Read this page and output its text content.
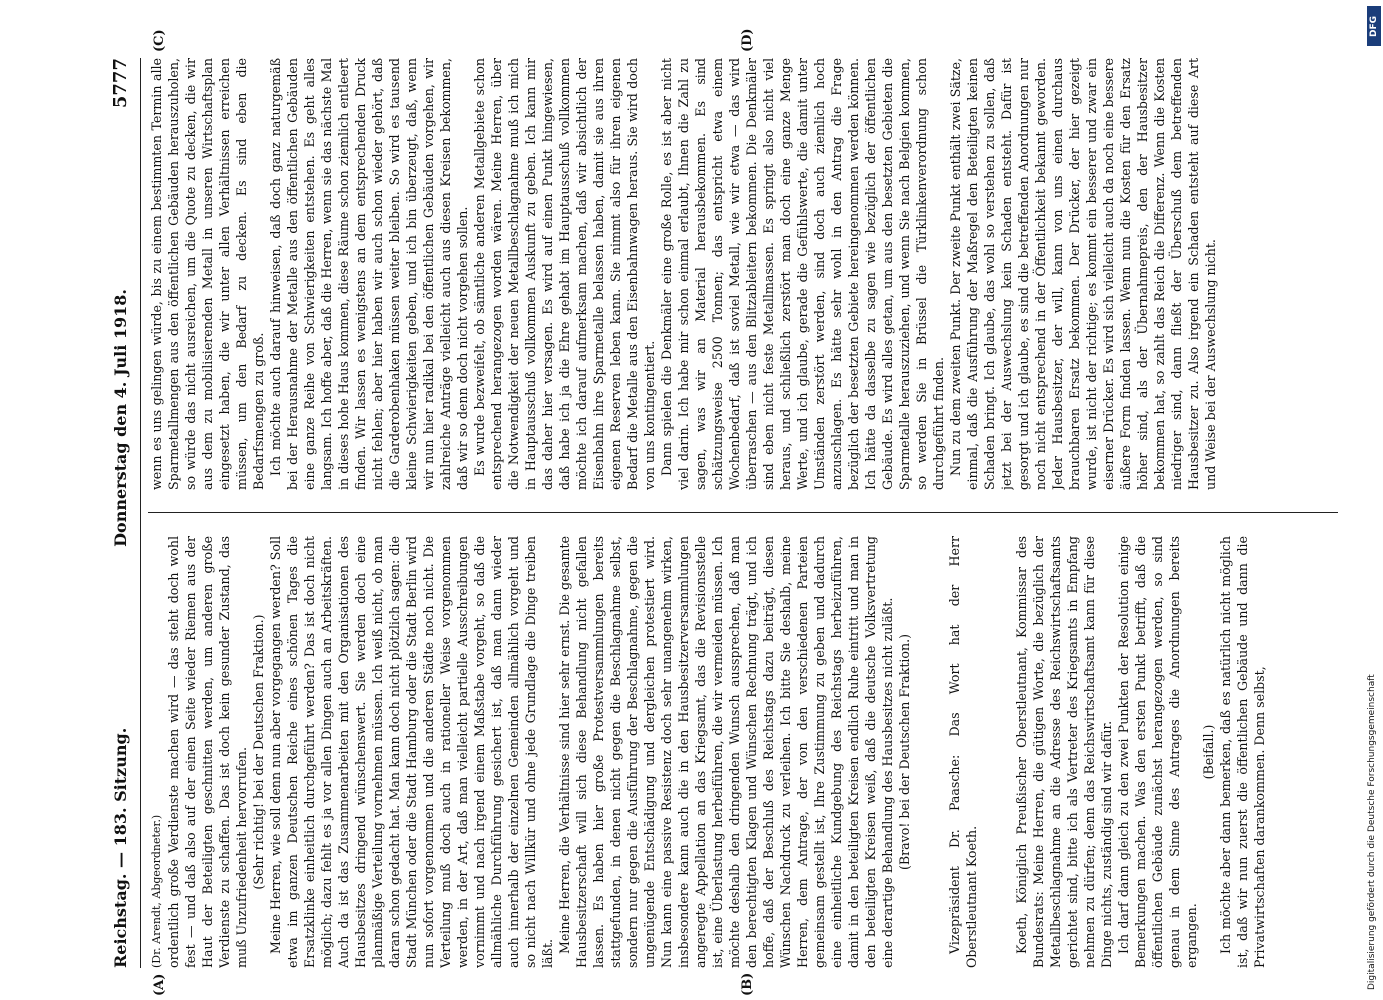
Reichstag. — 183. Sitzung.
Donnerstag den 4. Juli 1918.
5777

(Dr. Arendt, Abgeordneter.) ordentlich große Verdienste machen wird — das steht doch wohl fest — und daß also auf der einen Seite wieder Riemen aus der Haut der Beteiligten geschnitten werden, um anderen große Verdienste zu schaffen. Das ist doch kein gesunder Zustand, das muß Unzufriedenheit hervorrufen. (Sehr richtig! bei der Deutschen Fraktion.) Meine Herren, wie soll denn nun aber vorgegangen werden? Soll etwa im ganzen Deutschen Reiche eines schönen Tages die Ersatzklinke einheitlich durchgeführt werden? Das ist doch nicht möglich; dazu fehlt es ja vor allen Dingen auch an Arbeitskräften. Auch da ist das Zusammenarbeiten mit den Organisationen des Hausbesitzes dringend wünschenswert. Sie werden doch eine planmäßige Verteilung vornehmen müssen. Ich weiß nicht, ob man daran schon gedacht hat. Man kann doch nicht plötzlich sagen: die Stadt München oder die Stadt Hamburg oder die Stadt Berlin wird nun sofort vorgenommen und die anderen Städte noch nicht. Die Verteilung muß doch auch in rationeller Weise vorgenommen werden, in der Art, daß man vielleicht partielle Ausschreibungen vornimmt und nach irgend einem Maßstabe vorgeht, so daß die allmähliche Durchführung gesichert ist, daß man dann wieder auch innerhalb der einzelnen Gemeinden allmählich vorgeht und so nicht nach Willkür und ohne jede Grundlage die Dinge treiben läßt. Meine Herren, die Verhältnisse sind hier sehr ernst. Die gesamte Hausbesitzerschaft will sich diese Behandlung nicht gefallen lassen. Es haben hier große Protestversammlungen bereits stattgefunden, in denen nicht gegen die Beschlagnahme selbst, sondern nur gegen die Ausführung der Beschlagnahme, gegen die ungenügende Entschädigung und dergleichen protestiert wird. Nun kann eine passive Resistenz doch sehr unangenehm wirken, insbesondere kann auch die in den Hausbesitzerversammlungen angeregte Appellation an das Kriegsamt, das die Revisionsstelle ist, eine Überlastung herbeiführen, die wir vermeiden müssen. Ich möchte deshalb den dringenden Wunsch aussprechen, daß man den berechtigten Klagen und Wünschen Rechnung trägt, und ich hoffe, daß der Beschluß des Reichstags dazu beiträgt, diesen Wünschen Nachdruck zu verleihen. Ich bitte Sie deshalb, meine Herren, dem Antrage, der von den verschiedenen Parteien gemeinsam gestellt ist, Ihre Zustimmung zu geben und dadurch eine einheitliche Kundgebung des Reichstags herbeizuführen, damit in den beteiligten Kreisen endlich Ruhe eintritt und man in den beteiligten Kreisen weiß, daß die deutsche Volksvertretung eine derartige Behandlung des Hausbesitzes nicht zuläßt. (Bravo! bei der Deutschen Fraktion.)	Vizepräsident Dr. Paasche: Das Wort hat der Herr Oberstleutnant Koeth.	Koeth, Königlich Preußischer Oberstleutnant, Kommissar des Bundesrats: Meine Herren, die gütigen Worte, die bezüglich der Metallbeschlagnahme an die Adresse des Reichswirtschaftsamts gerichtet sind, bitte ich als Vertreter des Kriegsamts in Empfang nehmen zu dürfen; denn das Reichswirtschaftsamt kann für diese Dinge nichts, zuständig sind wir dafür. Ich darf dann gleich zu den zwei Punkten der Resolution einige Bemerkungen machen. Was den ersten Punkt betrifft, daß die öffentlichen Gebäude zunächst herangezogen werden, so sind genau in dem Sinne des Antrages die Anordnungen bereits ergangen.

(Beifall.) Ich möchte aber dann bemerken, daß es natürlich nicht möglich ist, daß wir nun zuerst die öffentlichen Gebäude und dann die Privatwirtschaften darankommen. Denn selbst,

wenn es uns gelingen würde, bis zu einem bestimmten Termin alle Sparmetallmengen aus den öffentlichen Gebäuden herauszuholen, so würde das nicht ausreichen, um die Quote zu decken, die wir aus dem zu mobilisierenden Metall in unseren Wirtschaftsplan eingesetzt haben, die wir unter allen Verhältnissen erreichen müssen, um den Bedarf zu decken. Es sind eben die Bedarfsmengen zu groß. Ich möchte auch darauf hinweisen, daß doch ganz naturgemäß bei der Herausnahme der Metalle aus den öffentlichen Gebäuden eine ganze Reihe von Schwierigkeiten entstehen. Es geht alles langsam. Ich hoffe aber, daß die Herren, wenn sie das nächste Mal in dieses hohe Haus kommen, diese Räume schon ziemlich entleert finden. Wir lassen es wenigstens an dem entsprechenden Druck nicht fehlen; aber hier haben wir auch schon wieder gehört, daß die Garderobenhaken müssen weiter bleiben. So wird es tausend kleine Schwierigkeiten geben, und ich bin überzeugt, daß, wenn wir nun hier radikal bei den öffentlichen Gebäuden vorgehen, wir zahlreiche Anträge vielleicht auch aus diesen Kreisen bekommen, daß wir so denn doch nicht vorgehen sollen. Es wurde bezweifelt, ob sämtliche anderen Metallgebiete schon entsprechend herangezogen worden wären. Meine Herren, über die Notwendigkeit der neuen Metallbeschlagnahme muß ich mich in Hauptausschuß vollkommen Auskunft zu geben. Ich kann mir das daher hier versagen. Es wird auf einen Punkt hingewiesen, daß habe ich ja die Ehre gehabt im Hauptausschuß vollkommen möchte ich darauf aufmerksam machen, daß wir absichtlich der Eisenbahn ihre Sparmetalle belassen haben, damit sie aus ihren eigenen Reserven leben kann. Sie nimmt also für ihren eigenen Bedarf die Metalle aus den Eisenbahnwagen heraus. Sie wird doch von uns kontingentiert. Dann spielen die Denkmäler eine große Rolle, es ist aber nicht viel darin. Ich habe mir schon einmal erlaubt, Ihnen die Zahl zu sagen, was wir an Material herausbekommen. Es sind schätzungsweise 2500 Tonnen; das entspricht etwa einem Wochenbedarf, daß ist soviel Metall, wie wir etwa — das wird überraschen — aus den Blitzableitern bekommen. Die Denkmäler sind eben nicht feste Metallmassen. Es springt also nicht viel heraus, und schließlich zerstört man doch eine ganze Menge Werte, und ich glaube, gerade die Gefühlswerte, die damit unter Umständen zerstört werden, sind doch auch ziemlich hoch anzuschlagen. Es hätte sehr wohl in den Antrag die Frage bezüglich der besetzten Gebiete hereingenommen werden können. Ich hätte da dasselbe zu sagen wie bezüglich der öffentlichen Gebäude. Es wird alles getan, um aus den besetzten Gebieten die Sparmetalle herauszuziehen, und wenn Sie nach Belgien kommen, so werden Sie in Brüssel die Türklinkenverordnung schon durchgeführt finden. Nun zu dem zweiten Punkt. Der zweite Punkt enthält zwei Sätze, einmal, daß die Ausführung der Maßregel den Beteiligten keinen Schaden bringt. Ich glaube, das wohl so verstehen zu sollen, daß jetzt bei der Auswechslung kein Schaden entsteht. Dafür ist gesorgt und ich glaube, es sind die betreffenden Anordnungen nur noch nicht entsprechend in der Öffentlichkeit bekannt geworden. Jeder Hausbesitzer, der will, kann von uns einen durchaus brauchbaren Ersatz bekommen. Der Drücker, der hier gezeigt wurde, ist nicht der richtige; es kommt ein besserer und zwar ein eiserner Drücker. Es wird sich vielleicht auch da noch eine bessere äußere Form finden lassen. Wenn nun die Kosten für den Ersatz höher sind, als der Übernahmepreis, den der Hausbesitzer bekommen hat, so zahlt das Reich die Differenz. Wenn die Kosten niedriger sind, dann fließt der Überschuß dem betreffenden Hausbesitzer zu. Also irgend ein Schaden entsteht auf diese Art und Weise bei der Auswechslung nicht.

(A)	(B)
(C)	(D)
DFG
Digitalisierung gefördert durch die Deutsche Forschungsgemeinschaft
